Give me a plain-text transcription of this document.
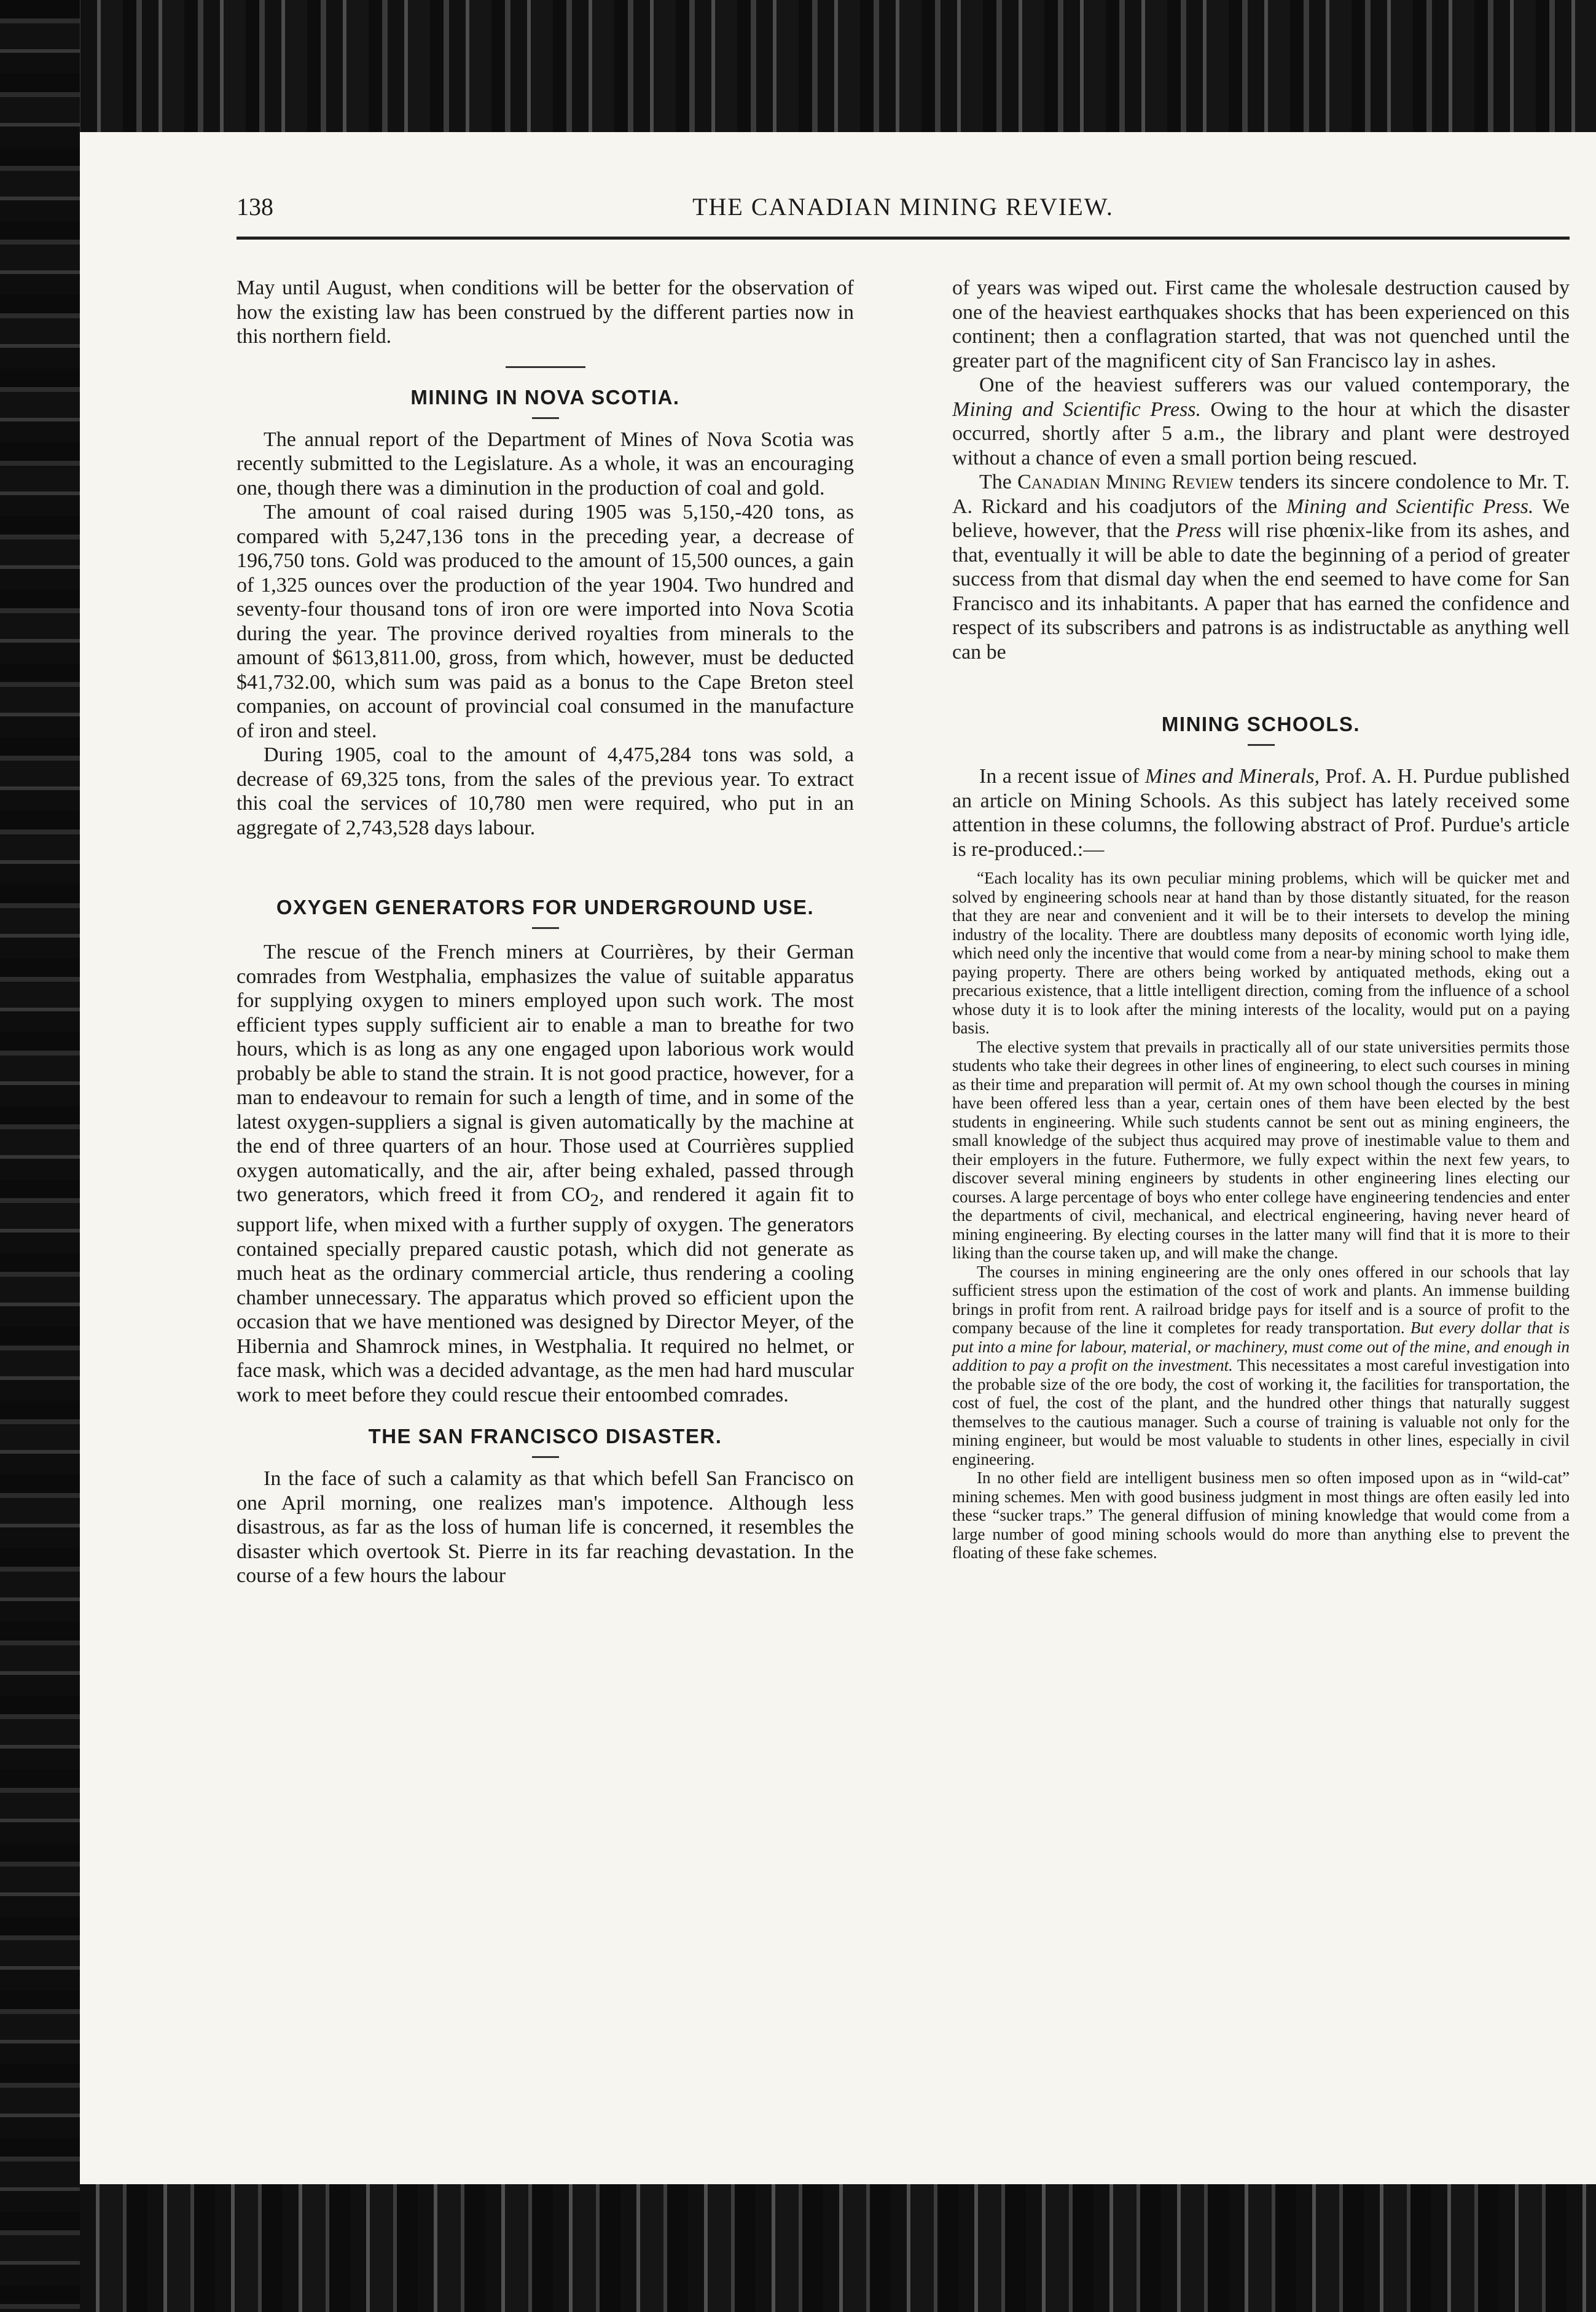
138	THE CANADIAN MINING REVIEW.

May until August, when conditions will be better for the observation of how the existing law has been construed by the different parties now in this northern field.

MINING IN NOVA SCOTIA.

The annual report of the Department of Mines of Nova Scotia was recently submitted to the Legislature. As a whole, it was an encouraging one, though there was a diminution in the production of coal and gold.

The amount of coal raised during 1905 was 5,150,-420 tons, as compared with 5,247,136 tons in the preceding year, a decrease of 196,750 tons. Gold was produced to the amount of 15,500 ounces, a gain of 1,325 ounces over the production of the year 1904. Two hundred and seventy-four thousand tons of iron ore were imported into Nova Scotia during the year. The province derived royalties from minerals to the amount of $613,811.00, gross, from which, however, must be deducted $41,732.00, which sum was paid as a bonus to the Cape Breton steel companies, on account of provincial coal consumed in the manufacture of iron and steel.

During 1905, coal to the amount of 4,475,284 tons was sold, a decrease of 69,325 tons, from the sales of the previous year. To extract this coal the services of 10,780 men were required, who put in an aggregate of 2,743,528 days labour.

OXYGEN GENERATORS FOR UNDERGROUND USE.

The rescue of the French miners at Courrières, by their German comrades from Westphalia, emphasizes the value of suitable apparatus for supplying oxygen to miners employed upon such work. The most efficient types supply sufficient air to enable a man to breathe for two hours, which is as long as any one engaged upon laborious work would probably be able to stand the strain. It is not good practice, however, for a man to endeavour to remain for such a length of time, and in some of the latest oxygen-suppliers a signal is given automatically by the machine at the end of three quarters of an hour. Those used at Courrières supplied oxygen automatically, and the air, after being exhaled, passed through two generators, which freed it from $CO_2$, and rendered it again fit to support life, when mixed with a further supply of oxygen. The generators contained specially prepared caustic potash, which did not generate as much heat as the ordinary commercial article, thus rendering a cooling chamber unnecessary. The apparatus which proved so efficient upon the occasion that we have mentioned was designed by Director Meyer, of the Hibernia and Shamrock mines, in Westphalia. It required no helmet, or face mask, which was a decided advantage, as the men had hard muscular work to meet before they could rescue their entoombed comrades.

THE SAN FRANCISCO DISASTER.

In the face of such a calamity as that which befell San Francisco on one April morning, one realizes man's impotence. Although less disastrous, as far as the loss of human life is concerned, it resembles the disaster which overtook St. Pierre in its far reaching devastation. In the course of a few hours the labour

of years was wiped out. First came the wholesale destruction caused by one of the heaviest earthquakes shocks that has been experienced on this continent; then a conflagration started, that was not quenched until the greater part of the magnificent city of San Francisco lay in ashes.

One of the heaviest sufferers was our valued contemporary, the Mining and Scientific Press. Owing to the hour at which the disaster occurred, shortly after 5 a.m., the library and plant were destroyed without a chance of even a small portion being rescued.

The Canadian Mining Review tenders its sincere condolence to Mr. T. A. Rickard and his coadjutors of the Mining and Scientific Press. We believe, however, that the Press will rise phœnix-like from its ashes, and that, eventually it will be able to date the beginning of a period of greater success from that dismal day when the end seemed to have come for San Francisco and its inhabitants. A paper that has earned the confidence and respect of its subscribers and patrons is as indistructable as anything well can be

MINING SCHOOLS.

In a recent issue of Mines and Minerals, Prof. A. H. Purdue published an article on Mining Schools. As this subject has lately received some attention in these columns, the following abstract of Prof. Purdue's article is re-produced.:—

“Each locality has its own peculiar mining problems, which will be quicker met and solved by engineering schools near at hand than by those distantly situated, for the reason that they are near and convenient and it will be to their intersets to develop the mining industry of the locality. There are doubtless many deposits of economic worth lying idle, which need only the incentive that would come from a near-by mining school to make them paying property. There are others being worked by antiquated methods, eking out a precarious existence, that a little intelligent direction, coming from the influence of a school whose duty it is to look after the mining interests of the locality, would put on a paying basis.

The elective system that prevails in practically all of our state universities permits those students who take their degrees in other lines of engineering, to elect such courses in mining as their time and preparation will permit of. At my own school though the courses in mining have been offered less than a year, certain ones of them have been elected by the best students in engineering. While such students cannot be sent out as mining engineers, the small knowledge of the subject thus acquired may prove of inestimable value to them and their employers in the future. Futhermore, we fully expect within the next few years, to discover several mining engineers by students in other engineering lines electing our courses. A large percentage of boys who enter college have engineering tendencies and enter the departments of civil, mechanical, and electrical engineering, having never heard of mining engineering. By electing courses in the latter many will find that it is more to their liking than the course taken up, and will make the change.

The courses in mining engineering are the only ones offered in our schools that lay sufficient stress upon the estimation of the cost of work and plants. An immense building brings in profit from rent. A railroad bridge pays for itself and is a source of profit to the company because of the line it completes for ready transportation. But every dollar that is put into a mine for labour, material, or machinery, must come out of the mine, and enough in addition to pay a profit on the investment. This necessitates a most careful investigation into the probable size of the ore body, the cost of working it, the facilities for transportation, the cost of fuel, the cost of the plant, and the hundred other things that naturally suggest themselves to the cautious manager. Such a course of training is valuable not only for the mining engineer, but would be most valuable to students in other lines, especially in civil engineering.

In no other field are intelligent business men so often imposed upon as in “wild-cat” mining schemes. Men with good business judgment in most things are often easily led into these “sucker traps.” The general diffusion of mining knowledge that would come from a large number of good mining schools would do more than anything else to prevent the floating of these fake schemes.
